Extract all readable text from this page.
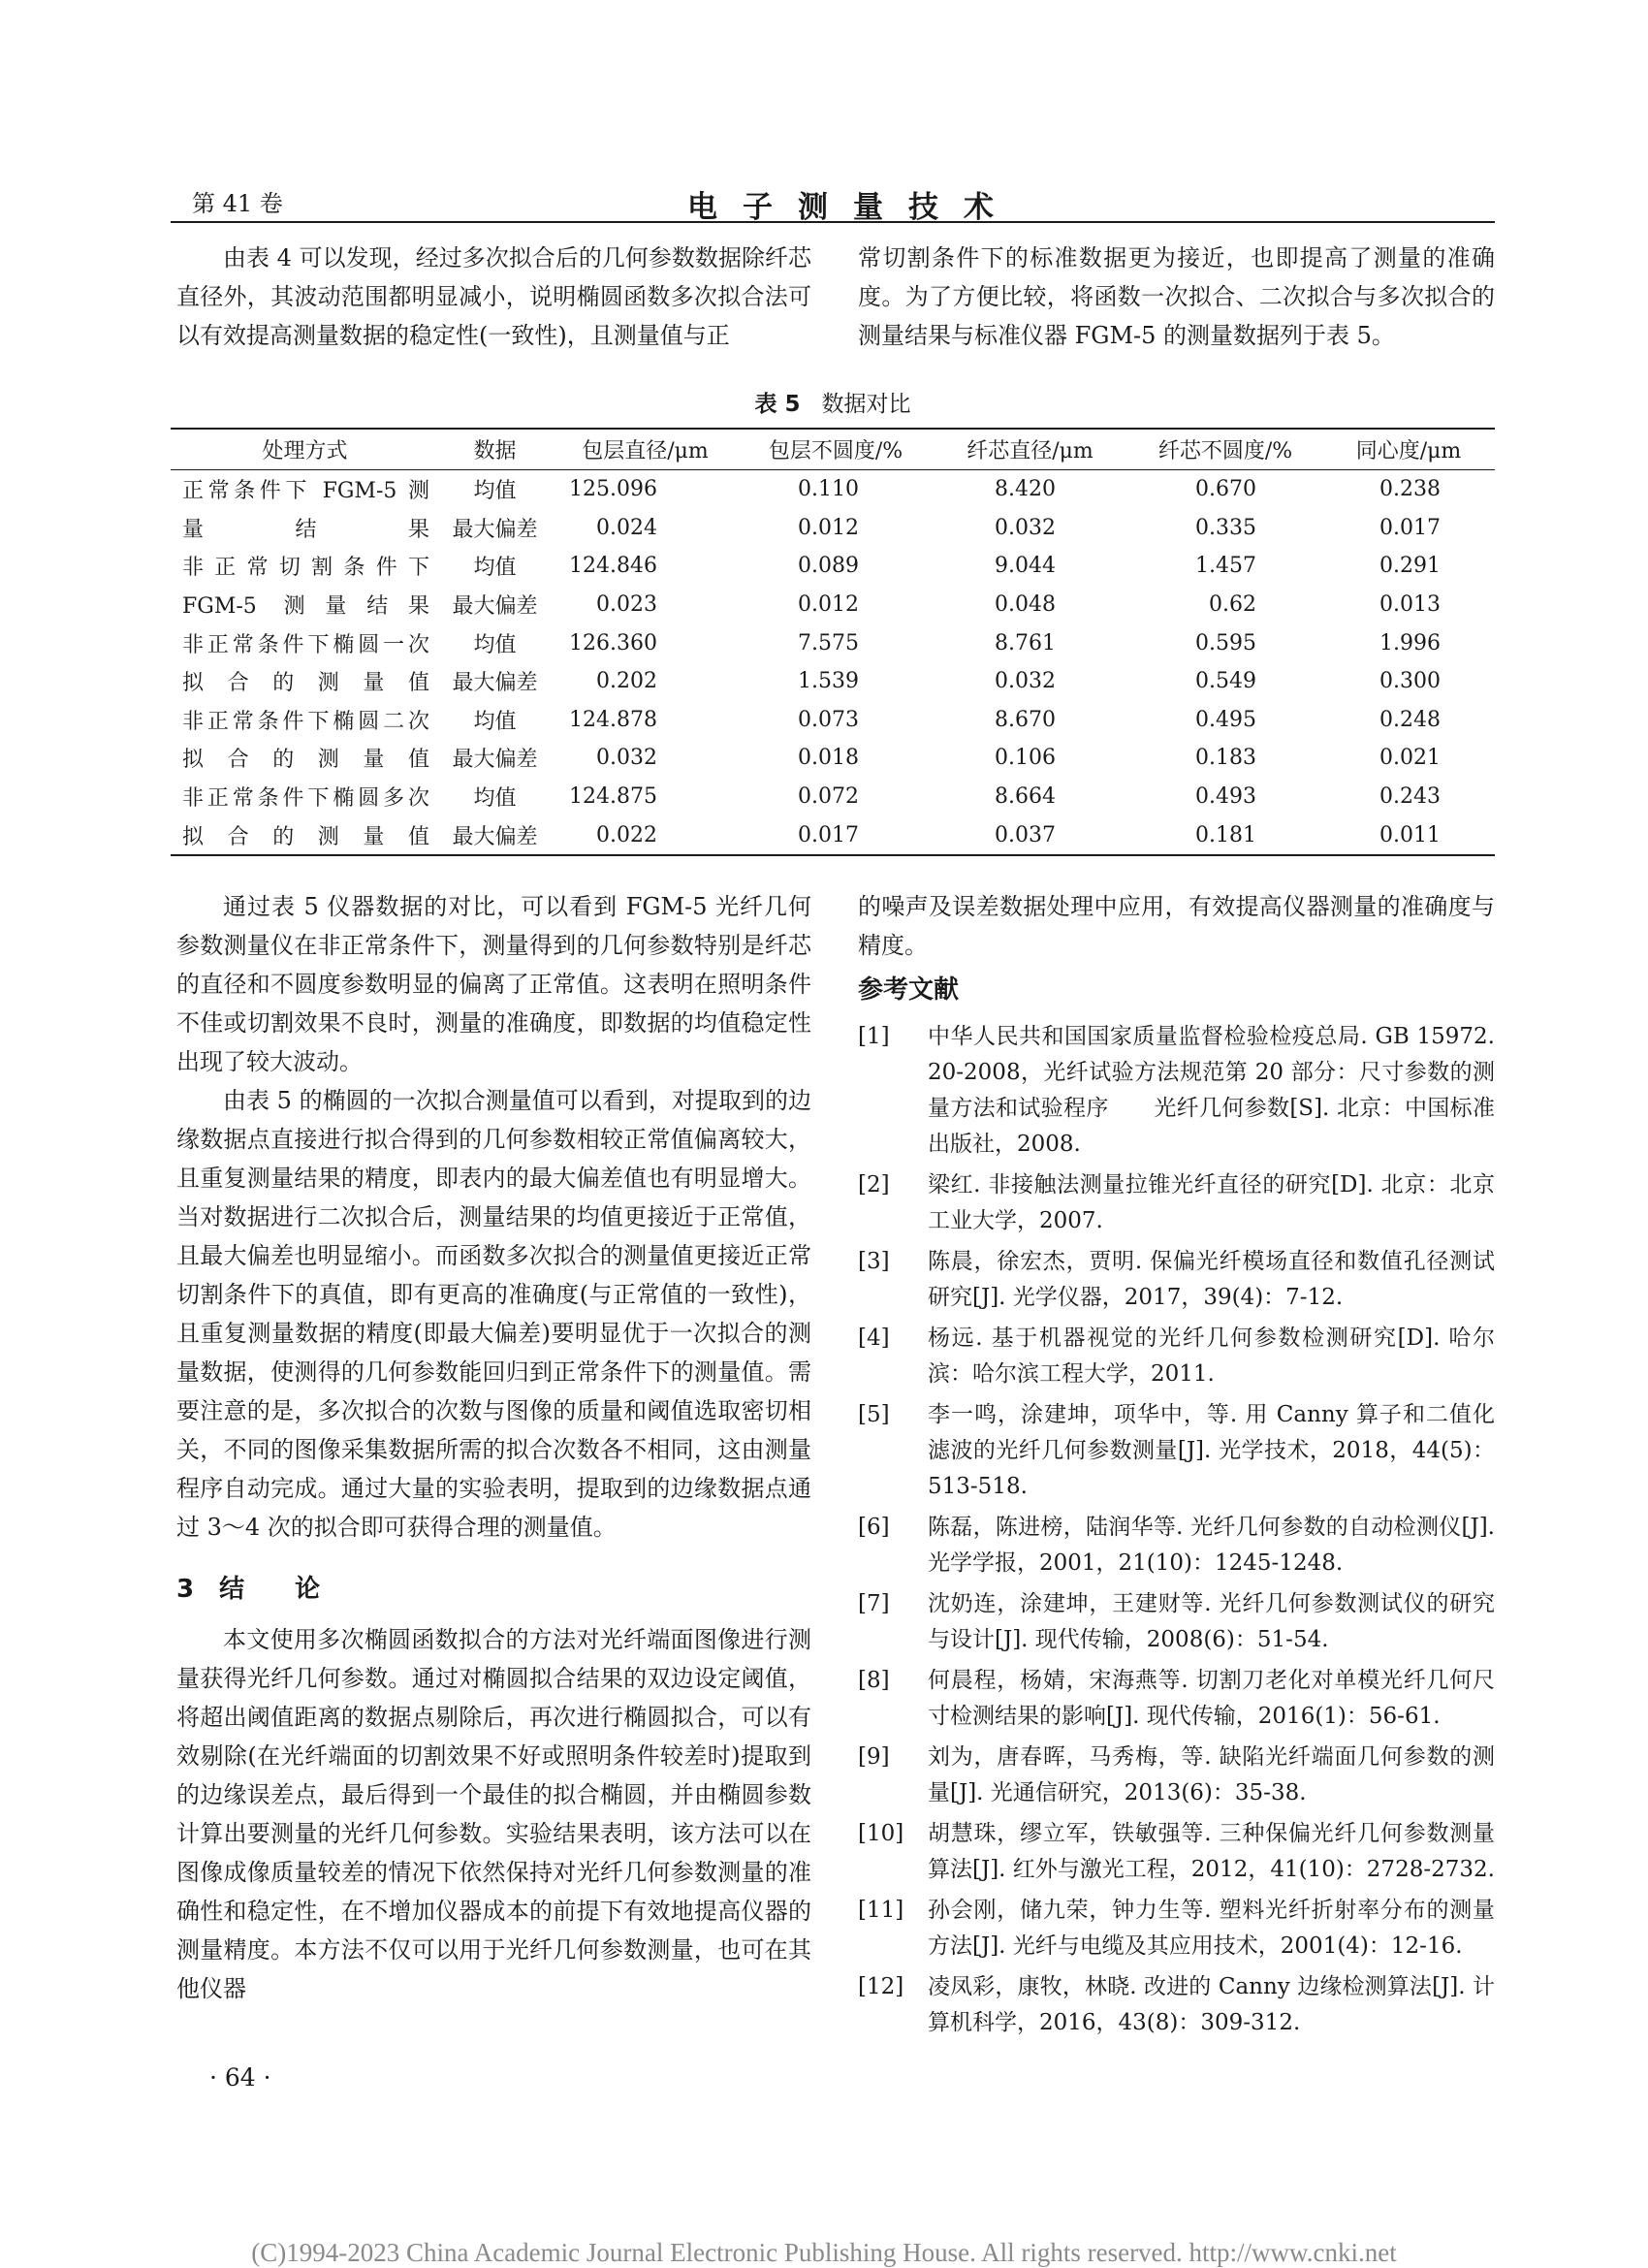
第 41 卷	电子测量技术

由表 4 可以发现，经过多次拟合后的几何参数数据除纤芯直径外，其波动范围都明显减小，说明椭圆函数多次拟合法可以有效提高测量数据的稳定性(一致性)，且测量值与正

常切割条件下的标准数据更为接近，也即提高了测量的准确度。为了方便比较，将函数一次拟合、二次拟合与多次拟合的测量结果与标准仪器 FGM-5 的测量数据列于表 5。

表 5 数据对比
处理方式	数据	包层直径/μm	包层不圆度/%	纤芯直径/μm	纤芯不圆度/%	同心度/μm
正常条件下 FGM-5 测	均值	125.096	0.110	8.420	0.670	0.238
量结果	最大偏差	0.024	0.012	0.032	0.335	0.017
非正常切割条件下	均值	124.846	0.089	9.044	1.457	0.291
FGM-5 测量结果	最大偏差	0.023	0.012	0.048	0.62	0.013
非正常条件下椭圆一次	均值	126.360	7.575	8.761	0.595	1.996
拟合的测量值	最大偏差	0.202	1.539	0.032	0.549	0.300
非正常条件下椭圆二次	均值	124.878	0.073	8.670	0.495	0.248
拟合的测量值	最大偏差	0.032	0.018	0.106	0.183	0.021
非正常条件下椭圆多次	均值	124.875	0.072	8.664	0.493	0.243
拟合的测量值	最大偏差	0.022	0.017	0.037	0.181	0.011

通过表 5 仪器数据的对比，可以看到 FGM-5 光纤几何参数测量仪在非正常条件下，测量得到的几何参数特别是纤芯的直径和不圆度参数明显的偏离了正常值。这表明在照明条件不佳或切割效果不良时，测量的准确度，即数据的均值稳定性出现了较大波动。

由表 5 的椭圆的一次拟合测量值可以看到，对提取到的边缘数据点直接进行拟合得到的几何参数相较正常值偏离较大，且重复测量结果的精度，即表内的最大偏差值也有明显增大。当对数据进行二次拟合后，测量结果的均值更接近于正常值，且最大偏差也明显缩小。而函数多次拟合的测量值更接近正常切割条件下的真值，即有更高的准确度(与正常值的一致性)，且重复测量数据的精度(即最大偏差)要明显优于一次拟合的测量数据，使测得的几何参数能回归到正常条件下的测量值。需要注意的是，多次拟合的次数与图像的质量和阈值选取密切相关，不同的图像采集数据所需的拟合次数各不相同，这由测量程序自动完成。通过大量的实验表明，提取到的边缘数据点通过 3～4 次的拟合即可获得合理的测量值。

3　结　　论

本文使用多次椭圆函数拟合的方法对光纤端面图像进行测量获得光纤几何参数。通过对椭圆拟合结果的双边设定阈值，将超出阈值距离的数据点剔除后，再次进行椭圆拟合，可以有效剔除(在光纤端面的切割效果不好或照明条件较差时)提取到的边缘误差点，最后得到一个最佳的拟合椭圆，并由椭圆参数计算出要测量的光纤几何参数。实验结果表明，该方法可以在图像成像质量较差的情况下依然保持对光纤几何参数测量的准确性和稳定性，在不增加仪器成本的前提下有效地提高仪器的测量精度。本方法不仅可以用于光纤几何参数测量，也可在其他仪器

的噪声及误差数据处理中应用，有效提高仪器测量的准确度与精度。

参考文献
[1]	中华人民共和国国家质量监督检验检疫总局. GB 15972. 20-2008，光纤试验方法规范第 20 部分：尺寸参数的测量方法和试验程序　　光纤几何参数[S]. 北京：中国标准出版社，2008.
[2]	梁红. 非接触法测量拉锥光纤直径的研究[D]. 北京：北京工业大学，2007.
[3]	陈晨，徐宏杰，贾明. 保偏光纤模场直径和数值孔径测试研究[J]. 光学仪器，2017，39(4)：7-12.
[4]	杨远. 基于机器视觉的光纤几何参数检测研究[D]. 哈尔滨：哈尔滨工程大学，2011.
[5]	李一鸣，涂建坤，项华中，等. 用 Canny 算子和二值化滤波的光纤几何参数测量[J]. 光学技术，2018，44(5)：513-518.
[6]	陈磊，陈进榜，陆润华等. 光纤几何参数的自动检测仪[J]. 光学学报，2001，21(10)：1245-1248.
[7]	沈奶连，涂建坤，王建财等. 光纤几何参数测试仪的研究与设计[J]. 现代传输，2008(6)：51-54.
[8]	何晨程，杨婧，宋海燕等. 切割刀老化对单模光纤几何尺寸检测结果的影响[J]. 现代传输，2016(1)：56-61.
[9]	刘为，唐春晖，马秀梅，等. 缺陷光纤端面几何参数的测量[J]. 光通信研究，2013(6)：35-38.
[10]	胡慧珠，缪立军，铁敏强等. 三种保偏光纤几何参数测量算法[J]. 红外与激光工程，2012，41(10)：2728-2732.
[11]	孙会刚，储九荣，钟力生等. 塑料光纤折射率分布的测量方法[J]. 光纤与电缆及其应用技术，2001(4)：12-16.
[12]	凌凤彩，康牧，林晓. 改进的 Canny 边缘检测算法[J]. 计算机科学，2016，43(8)：309-312.
· 64 ·
(C)1994-2023 China Academic Journal Electronic Publishing House. All rights reserved. http://www.cnki.net
